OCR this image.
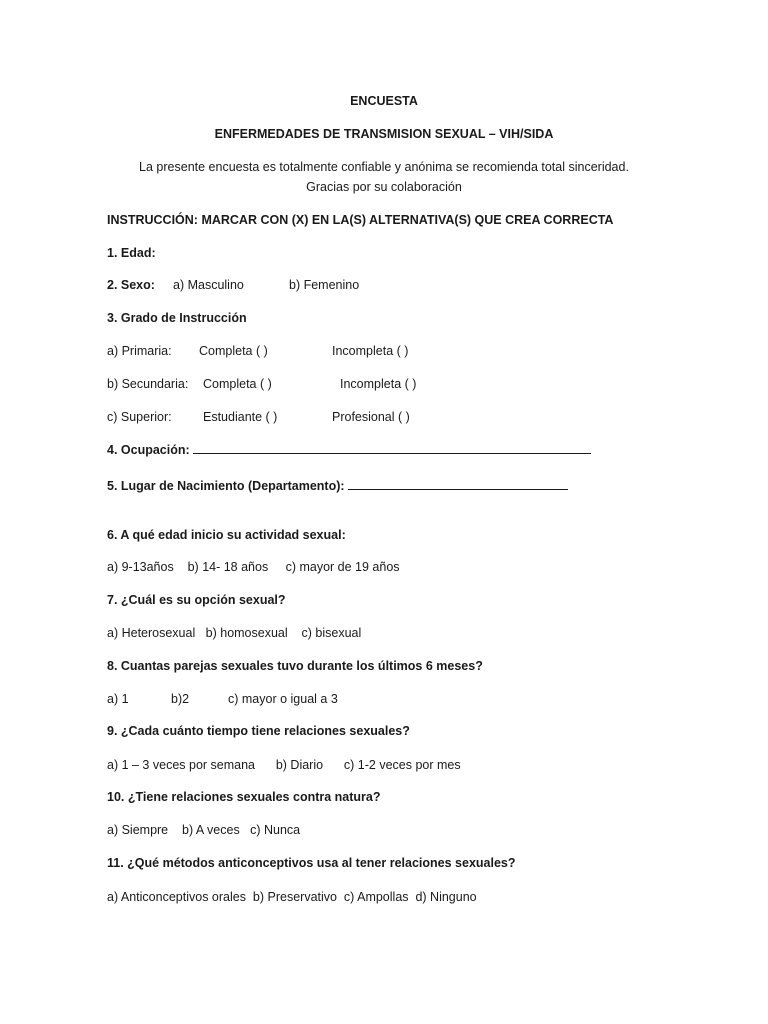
ENCUESTA
ENFERMEDADES DE TRANSMISION SEXUAL – VIH/SIDA
La presente encuesta es totalmente confiable y anónima se recomienda total sinceridad.
Gracias por su colaboración
INSTRUCCIÓN: MARCAR CON (X) EN LA(S) ALTERNATIVA(S) QUE CREA CORRECTA
1. Edad:
2. Sexo: a) Masculino	b) Femenino
3. Grado de Instrucción
a) Primaria: Completa ( )	Incompleta ( )
b) Secundaria: Completa ( )	Incompleta ( )
c) Superior:	Estudiante ( )	Profesional ( )
4. Ocupación:
5. Lugar de Nacimiento (Departamento):
6. A qué edad inicio su actividad sexual:
a) 9-13años    b) 14- 18 años     c) mayor de 19 años
7. ¿Cuál es su opción sexual?
a) Heterosexual   b) homosexual    c) bisexual
8. Cuantas parejas sexuales tuvo durante los últimos 6 meses?
a) 1	b)2	c) mayor o igual a 3
9. ¿Cada cuánto tiempo tiene relaciones sexuales?
a) 1 – 3 veces por semana      b) Diario      c) 1-2 veces por mes
10. ¿Tiene relaciones sexuales contra natura?
a) Siempre    b) A veces   c) Nunca
11. ¿Qué métodos anticonceptivos usa al tener relaciones sexuales?
a) Anticonceptivos orales  b) Preservativo  c) Ampollas  d) Ninguno
